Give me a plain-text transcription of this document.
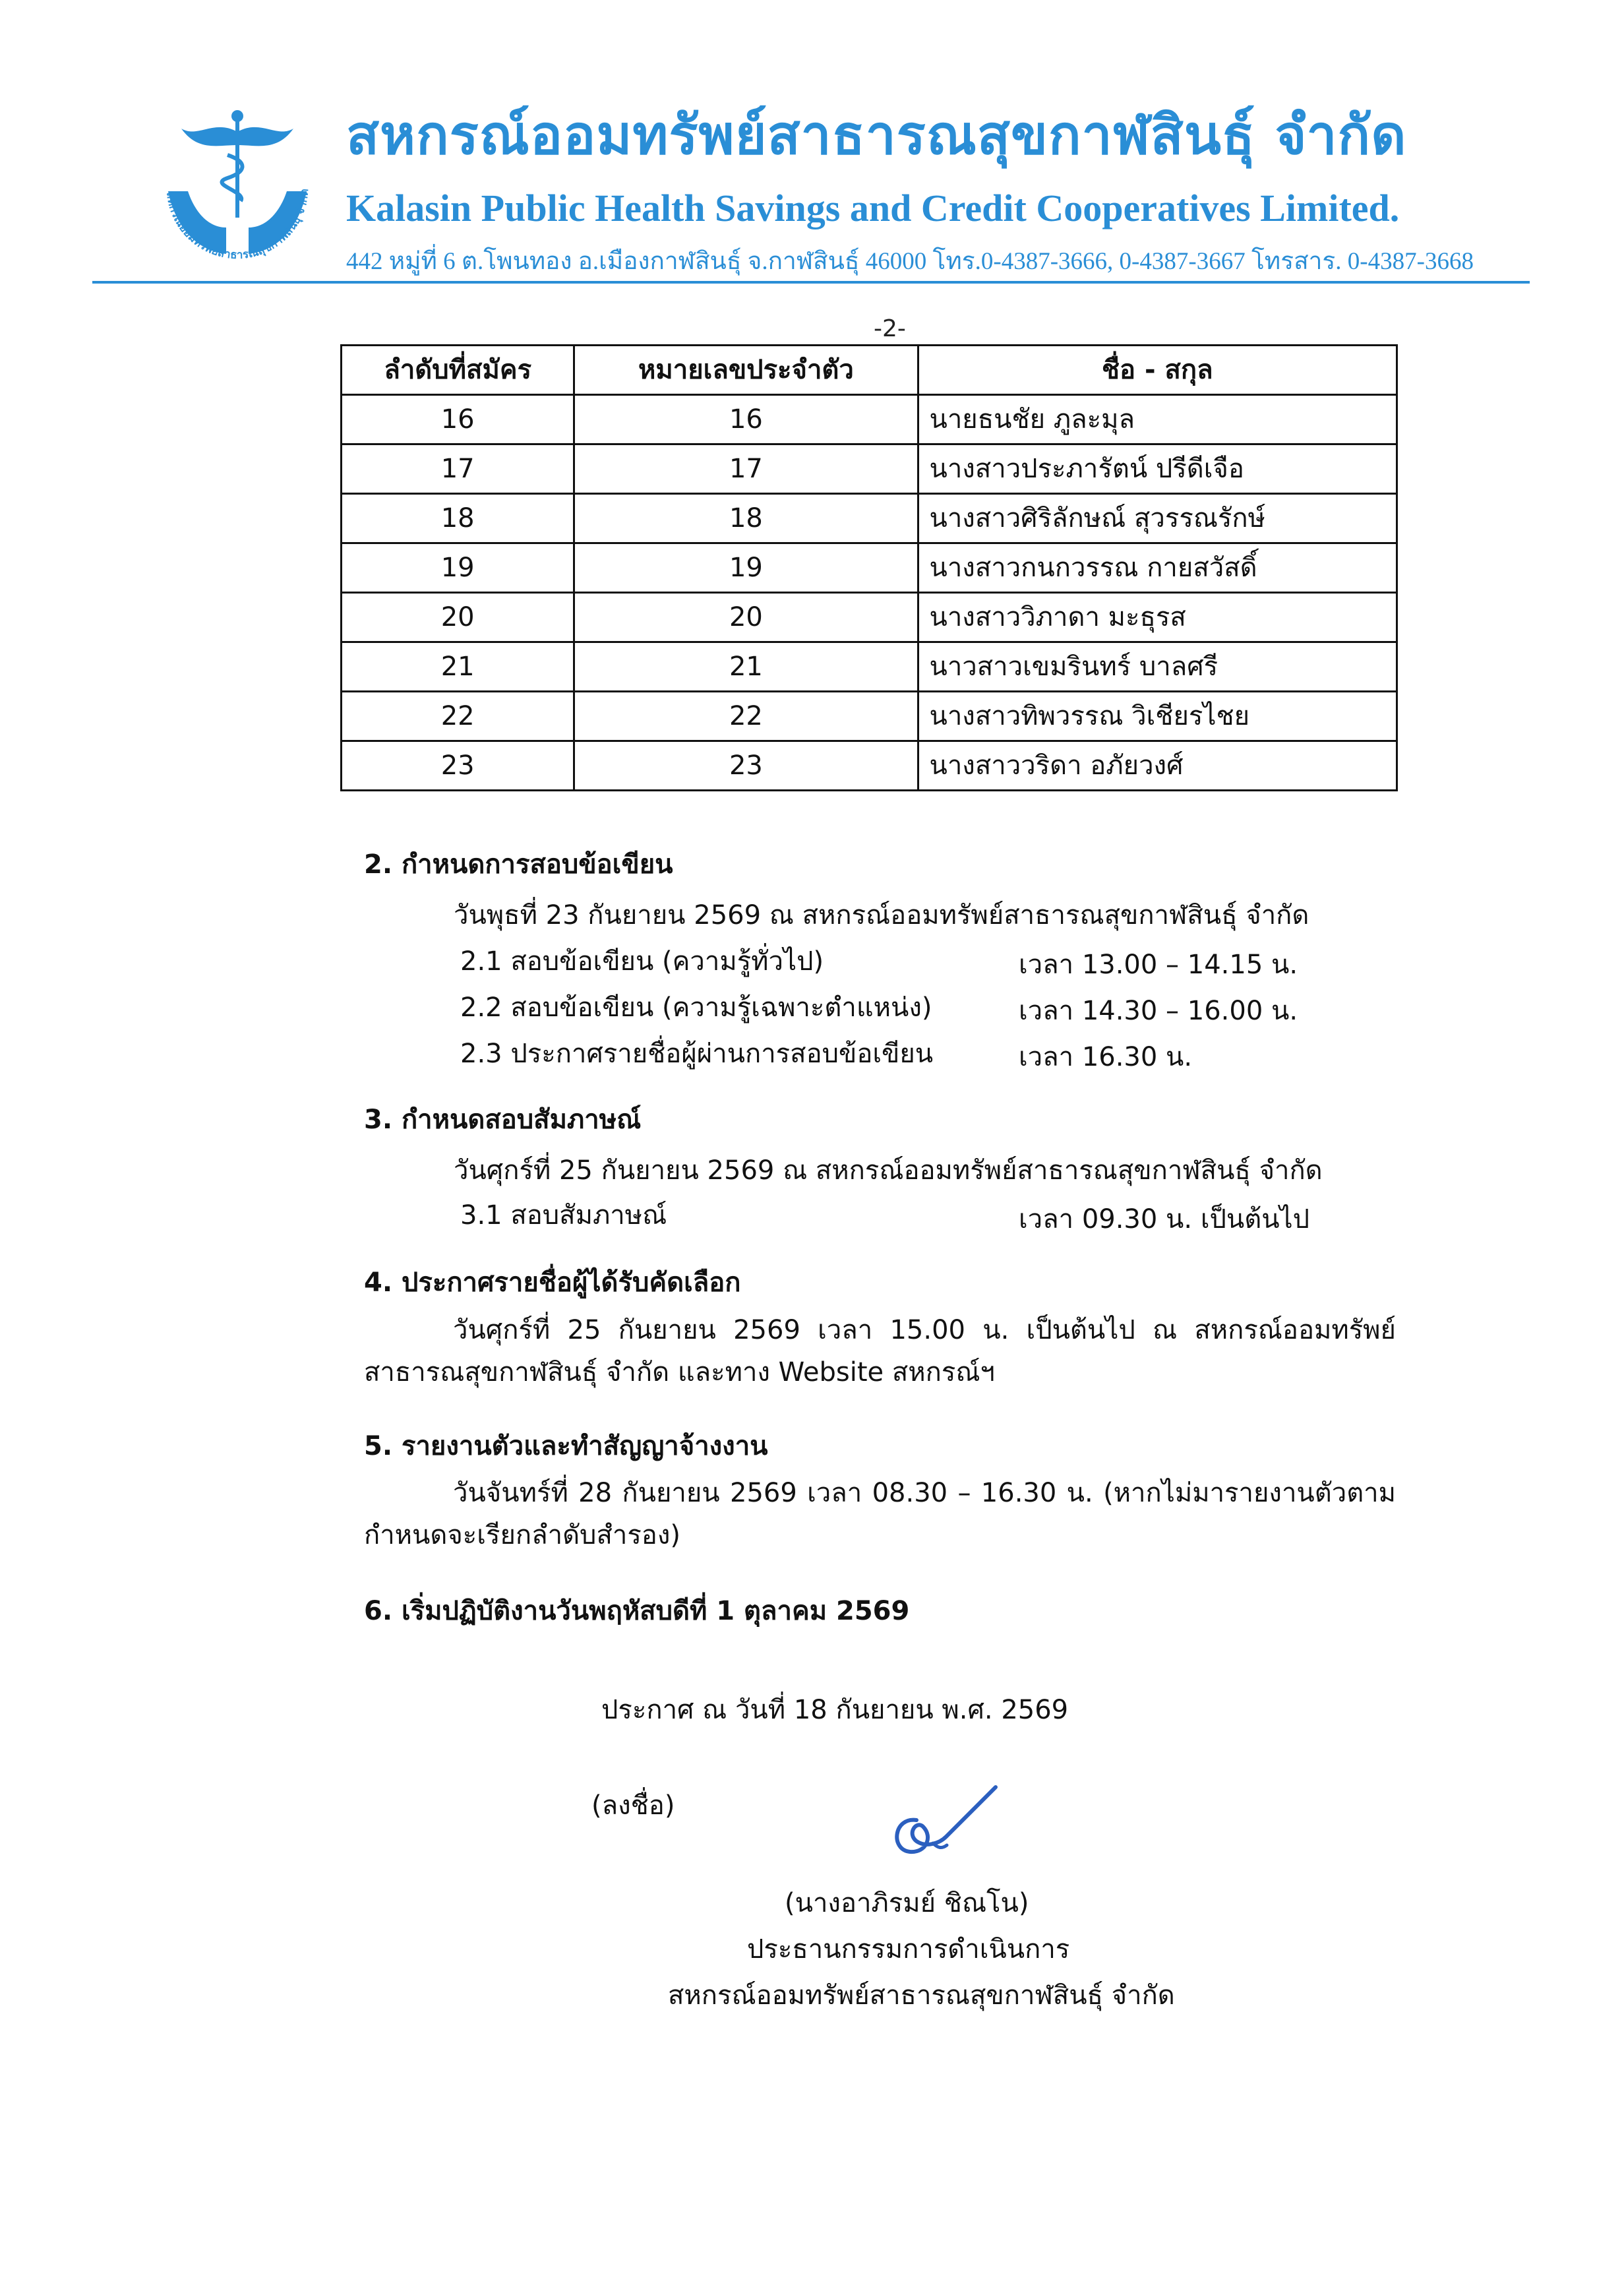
สหกรณ์ออมทรัพย์สาธารณสุขกาฬสินธุ์ จำกัด
สหกรณ์ออมทรัพย์สาธารณสุขกาฬสินธุ์ จำกัด
Kalasin Public Health Savings and Credit Cooperatives Limited.
442 หมู่ที่ 6 ต.โพนทอง อ.เมืองกาฬสินธุ์ จ.กาฬสินธุ์ 46000 โทร.0-4387-3666, 0-4387-3667 โทรสาร. 0-4387-3668
-2-
ลำดับที่สมัคร	หมายเลขประจำตัว	ชื่อ - สกุล
16	16	นายธนชัย ภูละมุล
17	17	นางสาวประภารัตน์ ปรีดีเจือ
18	18	นางสาวศิริลักษณ์ สุวรรณรักษ์
19	19	นางสาวกนกวรรณ กายสวัสดิ์
20	20	นางสาววิภาดา มะธุรส
21	21	นาวสาวเขมรินทร์ บาลศรี
22	22	นางสาวทิพวรรณ วิเชียรไชย
23	23	นางสาววริดา อภัยวงศ์
2. กำหนดการสอบข้อเขียน
วันพุธที่ 23 กันยายน 2569 ณ สหกรณ์ออมทรัพย์สาธารณสุขกาฬสินธุ์ จำกัด
2.1 สอบข้อเขียน (ความรู้ทั่วไป)	เวลา 13.00 – 14.15 น.
2.2 สอบข้อเขียน (ความรู้เฉพาะตำแหน่ง)	เวลา 14.30 – 16.00 น.
2.3 ประกาศรายชื่อผู้ผ่านการสอบข้อเขียน	เวลา 16.30 น.
3. กำหนดสอบสัมภาษณ์
วันศุกร์ที่ 25 กันยายน 2569 ณ สหกรณ์ออมทรัพย์สาธารณสุขกาฬสินธุ์ จำกัด
3.1 สอบสัมภาษณ์	เวลา 09.30 น. เป็นต้นไป
4. ประกาศรายชื่อผู้ได้รับคัดเลือก
วันศุกร์ที่ 25 กันยายน 2569 เวลา 15.00 น. เป็นต้นไป ณ สหกรณ์ออมทรัพย์สาธารณสุขกาฬสินธุ์ จำกัด และทาง Website สหกรณ์ฯ
5. รายงานตัวและทำสัญญาจ้างงาน
วันจันทร์ที่ 28 กันยายน 2569 เวลา 08.30 – 16.30 น. (หากไม่มารายงานตัวตามกำหนดจะเรียกลำดับสำรอง)
6. เริ่มปฏิบัติงานวันพฤหัสบดีที่ 1 ตุลาคม 2569
ประกาศ ณ วันที่ 18 กันยายน พ.ศ. 2569
(ลงชื่อ)
(นางอาภิรมย์ ชิณโน)
ประธานกรรมการดำเนินการ
สหกรณ์ออมทรัพย์สาธารณสุขกาฬสินธุ์ จำกัด
